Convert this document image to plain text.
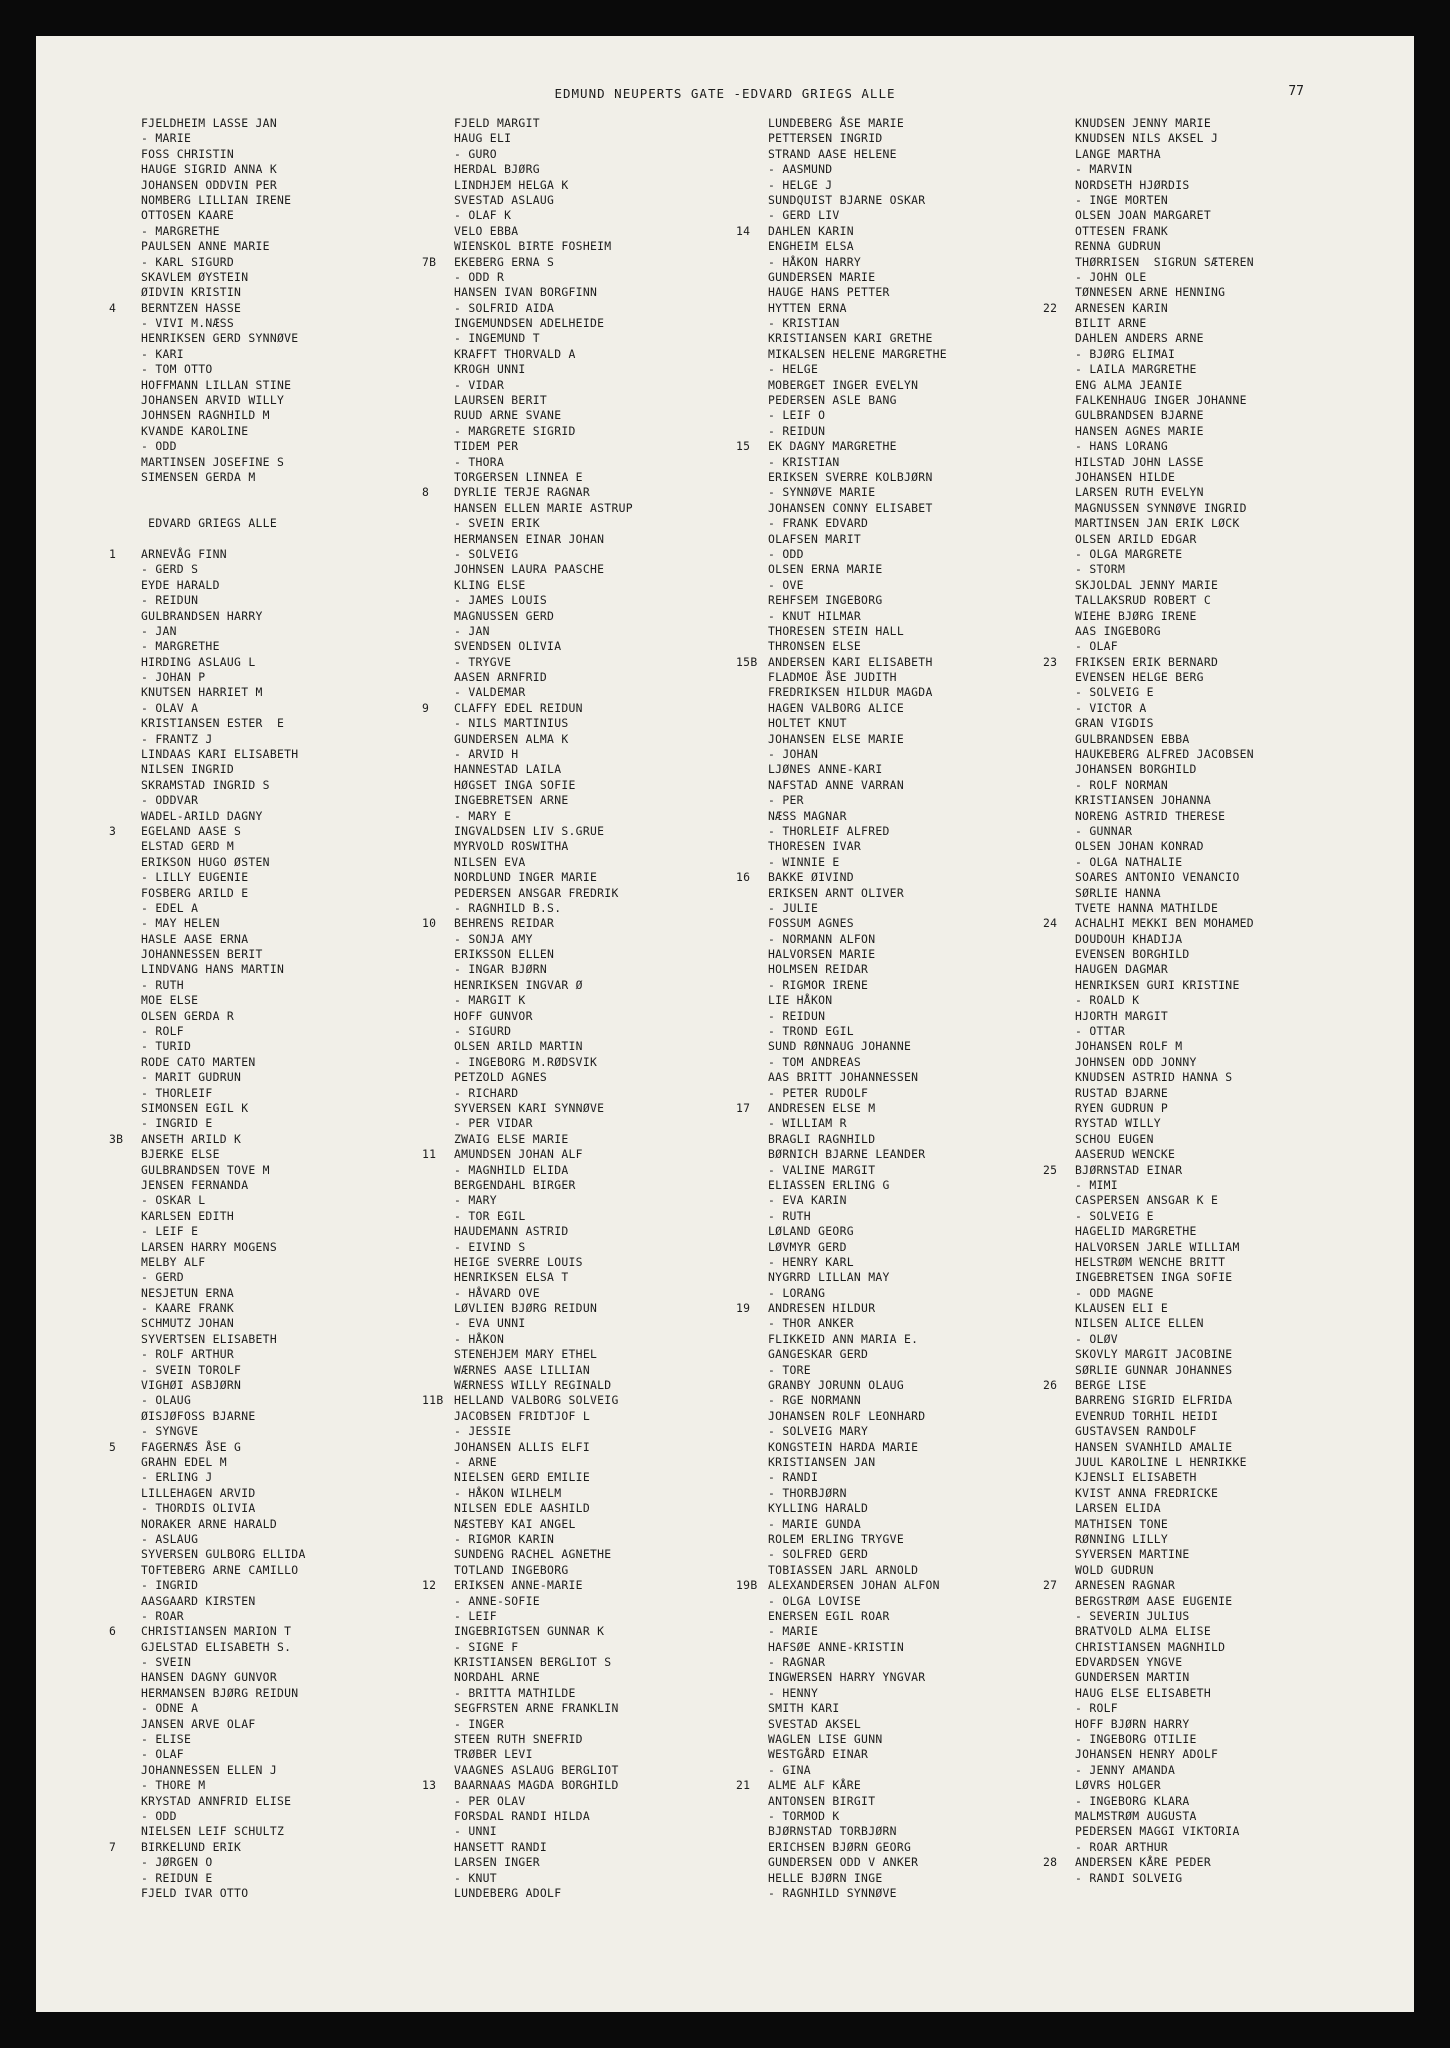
EDMUND NEUPERTS GATE -EDVARD GRIEGS ALLE	77
FJELDHEIM LASSE JAN
- MARIE
FOSS CHRISTIN
HAUGE SIGRID ANNA K
JOHANSEN ODDVIN PER
NOMBERG LILLIAN IRENE
OTTOSEN KAARE
- MARGRETHE
PAULSEN ANNE MARIE
- KARL SIGURD
SKAVLEM ØYSTEIN
ØIDVIN KRISTIN
4	BERNTZEN HASSE
- VIVI M.NÆSS
HENRIKSEN GERD SYNNØVE
- KARI
- TOM OTTO
HOFFMANN LILLAN STINE
JOHANSEN ARVID WILLY
JOHNSEN RAGNHILD M
KVANDE KAROLINE
- ODD
MARTINSEN JOSEFINE S
SIMENSEN GERDA M
EDVARD GRIEGS ALLE
1	ARNEVÅG FINN
- GERD S
EYDE HARALD
- REIDUN
GULBRANDSEN HARRY
- JAN
- MARGRETHE
HIRDING ASLAUG L
- JOHAN P
KNUTSEN HARRIET M
- OLAV A
KRISTIANSEN ESTER  E
- FRANTZ J
LINDAAS KARI ELISABETH
NILSEN INGRID
SKRAMSTAD INGRID S
- ODDVAR
WADEL-ARILD DAGNY
3	EGELAND AASE S
ELSTAD GERD M
ERIKSON HUGO ØSTEN
- LILLY EUGENIE
FOSBERG ARILD E
- EDEL A
- MAY HELEN
HASLE AASE ERNA
JOHANNESSEN BERIT
LINDVANG HANS MARTIN
- RUTH
MOE ELSE
OLSEN GERDA R
- ROLF
- TURID
RODE CATO MARTEN
- MARIT GUDRUN
- THORLEIF
SIMONSEN EGIL K
- INGRID E
3B	ANSETH ARILD K
BJERKE ELSE
GULBRANDSEN TOVE M
JENSEN FERNANDA
- OSKAR L
KARLSEN EDITH
- LEIF E
LARSEN HARRY MOGENS
MELBY ALF
- GERD
NESJETUN ERNA
- KAARE FRANK
SCHMUTZ JOHAN
SYVERTSEN ELISABETH
- ROLF ARTHUR
- SVEIN TOROLF
VIGHØI ASBJØRN
- OLAUG
ØISJØFOSS BJARNE
- SYNGVE
5	FAGERNÆS ÅSE G
GRAHN EDEL M
- ERLING J
LILLEHAGEN ARVID
- THORDIS OLIVIA
NORAKER ARNE HARALD
- ASLAUG
SYVERSEN GULBORG ELLIDA
TOFTEBERG ARNE CAMILLO
- INGRID
AASGAARD KIRSTEN
- ROAR
6	CHRISTIANSEN MARION T
GJELSTAD ELISABETH S.
- SVEIN
HANSEN DAGNY GUNVOR
HERMANSEN BJØRG REIDUN
- ODNE A
JANSEN ARVE OLAF
- ELISE
- OLAF
JOHANNESSEN ELLEN J
- THORE M
KRYSTAD ANNFRID ELISE
- ODD
NIELSEN LEIF SCHULTZ
7	BIRKELUND ERIK
- JØRGEN O
- REIDUN E
FJELD IVAR OTTO
FJELD MARGIT
HAUG ELI
- GURO
HERDAL BJØRG
LINDHJEM HELGA K
SVESTAD ASLAUG
- OLAF K
VELO EBBA
WIENSKOL BIRTE FOSHEIM
7B	EKEBERG ERNA S
- ODD R
HANSEN IVAN BORGFINN
- SOLFRID AIDA
INGEMUNDSEN ADELHEIDE
- INGEMUND T
KRAFFT THORVALD A
KROGH UNNI
- VIDAR
LAURSEN BERIT
RUUD ARNE SVANE
- MARGRETE SIGRID
TIDEM PER
- THORA
TORGERSEN LINNEA E
8	DYRLIE TERJE RAGNAR
HANSEN ELLEN MARIE ASTRUP
- SVEIN ERIK
HERMANSEN EINAR JOHAN
- SOLVEIG
JOHNSEN LAURA PAASCHE
KLING ELSE
- JAMES LOUIS
MAGNUSSEN GERD
- JAN
SVENDSEN OLIVIA
- TRYGVE
AASEN ARNFRID
- VALDEMAR
9	CLAFFY EDEL REIDUN
- NILS MARTINIUS
GUNDERSEN ALMA K
- ARVID H
HANNESTAD LAILA
HØGSET INGA SOFIE
INGEBRETSEN ARNE
- MARY E
INGVALDSEN LIV S.GRUE
MYRVOLD ROSWITHA
NILSEN EVA
NORDLUND INGER MARIE
PEDERSEN ANSGAR FREDRIK
- RAGNHILD B.S.
10	BEHRENS REIDAR
- SONJA AMY
ERIKSSON ELLEN
- INGAR BJØRN
HENRIKSEN INGVAR Ø
- MARGIT K
HOFF GUNVOR
- SIGURD
OLSEN ARILD MARTIN
- INGEBORG M.RØDSVIK
PETZOLD AGNES
- RICHARD
SYVERSEN KARI SYNNØVE
- PER VIDAR
ZWAIG ELSE MARIE
11	AMUNDSEN JOHAN ALF
- MAGNHILD ELIDA
BERGENDAHL BIRGER
- MARY
- TOR EGIL
HAUDEMANN ASTRID
- EIVIND S
HEIGE SVERRE LOUIS
HENRIKSEN ELSA T
- HÅVARD OVE
LØVLIEN BJØRG REIDUN
- EVA UNNI
- HÅKON
STENEHJEM MARY ETHEL
WÆRNES AASE LILLIAN
WÆRNESS WILLY REGINALD
11B HELLAND VALBORG SOLVEIG
JACOBSEN FRIDTJOF L
- JESSIE
JOHANSEN ALLIS ELFI
- ARNE
NIELSEN GERD EMILIE
- HÅKON WILHELM
NILSEN EDLE AASHILD
NÆSTEBY KAI ANGEL
- RIGMOR KARIN
SUNDENG RACHEL AGNETHE
TOTLAND INGEBORG
12	ERIKSEN ANNE-MARIE
- ANNE-SOFIE
- LEIF
INGEBRIGTSEN GUNNAR K
- SIGNE F
KRISTIANSEN BERGLIOT S
NORDAHL ARNE
- BRITTA MATHILDE
SEGFRSTEN ARNE FRANKLIN
- INGER
STEEN RUTH SNEFRID
TRØBER LEVI
VAAGNES ASLAUG BERGLIOT
13	BAARNAAS MAGDA BORGHILD
- PER OLAV
FORSDAL RANDI HILDA
- UNNI
HANSETT RANDI
LARSEN INGER
- KNUT
LUNDEBERG ADOLF
LUNDEBERG ÅSE MARIE
PETTERSEN INGRID
STRAND AASE HELENE
- AASMUND
- HELGE J
SUNDQUIST BJARNE OSKAR
- GERD LIV
14	DAHLEN KARIN
ENGHEIM ELSA
- HÅKON HARRY
GUNDERSEN MARIE
HAUGE HANS PETTER
HYTTEN ERNA
- KRISTIAN
KRISTIANSEN KARI GRETHE
MIKALSEN HELENE MARGRETHE
- HELGE
MOBERGET INGER EVELYN
PEDERSEN ASLE BANG
- LEIF O
- REIDUN
15	EK DAGNY MARGRETHE
- KRISTIAN
ERIKSEN SVERRE KOLBJØRN
- SYNNØVE MARIE
JOHANSEN CONNY ELISABET
- FRANK EDVARD
OLAFSEN MARIT
- ODD
OLSEN ERNA MARIE
- OVE
REHFSEM INGEBORG
- KNUT HILMAR
THORESEN STEIN HALL
THRONSEN ELSE
15B ANDERSEN KARI ELISABETH
FLADMOE ÅSE JUDITH
FREDRIKSEN HILDUR MAGDA
HAGEN VALBORG ALICE
HOLTET KNUT
JOHANSEN ELSE MARIE
- JOHAN
LJØNES ANNE-KARI
NAFSTAD ANNE VARRAN
- PER
NÆSS MAGNAR
- THORLEIF ALFRED
THORESEN IVAR
- WINNIE E
16	BAKKE ØIVIND
ERIKSEN ARNT OLIVER
- JULIE
FOSSUM AGNES
- NORMANN ALFON
HALVORSEN MARIE
HOLMSEN REIDAR
- RIGMOR IRENE
LIE HÅKON
- REIDUN
- TROND EGIL
SUND RØNNAUG JOHANNE
- TOM ANDREAS
AAS BRITT JOHANNESSEN
- PETER RUDOLF
17	ANDRESEN ELSE M
- WILLIAM R
BRAGLI RAGNHILD
BØRNICH BJARNE LEANDER
- VALINE MARGIT
ELIASSEN ERLING G
- EVA KARIN
- RUTH
LØLAND GEORG
LØVMYR GERD
- HENRY KARL
NYGRRD LILLAN MAY
- LORANG
19	ANDRESEN HILDUR
- THOR ANKER
FLIKKEID ANN MARIA E.
GANGESKAR GERD
- TORE
GRANBY JORUNN OLAUG
- RGE NORMANN
JOHANSEN ROLF LEONHARD
- SOLVEIG MARY
KONGSTEIN HARDA MARIE
KRISTIANSEN JAN
- RANDI
- THORBJØRN
KYLLING HARALD
- MARIE GUNDA
ROLEM ERLING TRYGVE
- SOLFRED GERD
TOBIASSEN JARL ARNOLD
19B ALEXANDERSEN JOHAN ALFON
- OLGA LOVISE
ENERSEN EGIL ROAR
- MARIE
HAFSØE ANNE-KRISTIN
- RAGNAR
INGWERSEN HARRY YNGVAR
- HENNY
SMITH KARI
SVESTAD AKSEL
WAGLEN LISE GUNN
WESTGÅRD EINAR
- GINA
21	ALME ALF KÅRE
ANTONSEN BIRGIT
- TORMOD K
BJØRNSTAD TORBJØRN
ERICHSEN BJØRN GEORG
GUNDERSEN ODD V ANKER
HELLE BJØRN INGE
- RAGNHILD SYNNØVE
KNUDSEN JENNY MARIE
KNUDSEN NILS AKSEL J
LANGE MARTHA
- MARVIN
NORDSETH HJØRDIS
- INGE MORTEN
OLSEN JOAN MARGARET
OTTESEN FRANK
RENNA GUDRUN
THØRRISEN  SIGRUN SÆTEREN
- JOHN OLE
TØNNESEN ARNE HENNING
22	ARNESEN KARIN
BILIT ARNE
DAHLEN ANDERS ARNE
- BJØRG ELIMAI
- LAILA MARGRETHE
ENG ALMA JEANIE
FALKENHAUG INGER JOHANNE
GULBRANDSEN BJARNE
HANSEN AGNES MARIE
- HANS LORANG
HILSTAD JOHN LASSE
JOHANSEN HILDE
LARSEN RUTH EVELYN
MAGNUSSEN SYNNØVE INGRID
MARTINSEN JAN ERIK LØCK
OLSEN ARILD EDGAR
- OLGA MARGRETE
- STORM
SKJOLDAL JENNY MARIE
TALLAKSRUD ROBERT C
WIEHE BJØRG IRENE
AAS INGEBORG
- OLAF
23	FRIKSEN ERIK BERNARD
EVENSEN HELGE BERG
- SOLVEIG E
- VICTOR A
GRAN VIGDIS
GULBRANDSEN EBBA
HAUKEBERG ALFRED JACOBSEN
JOHANSEN BORGHILD
- ROLF NORMAN
KRISTIANSEN JOHANNA
NORENG ASTRID THERESE
- GUNNAR
OLSEN JOHAN KONRAD
- OLGA NATHALIE
SOARES ANTONIO VENANCIO
SØRLIE HANNA
TVETE HANNA MATHILDE
24	ACHALHI MEKKI BEN MOHAMED
DOUDOUH KHADIJA
EVENSEN BORGHILD
HAUGEN DAGMAR
HENRIKSEN GURI KRISTINE
- ROALD K
HJORTH MARGIT
- OTTAR
JOHANSEN ROLF M
JOHNSEN ODD JONNY
KNUDSEN ASTRID HANNA S
RUSTAD BJARNE
RYEN GUDRUN P
RYSTAD WILLY
SCHOU EUGEN
AASERUD WENCKE
25	BJØRNSTAD EINAR
- MIMI
CASPERSEN ANSGAR K E
- SOLVEIG E
HAGELID MARGRETHE
HALVORSEN JARLE WILLIAM
HELSTRØM WENCHE BRITT
INGEBRETSEN INGA SOFIE
- ODD MAGNE
KLAUSEN ELI E
NILSEN ALICE ELLEN
- OLØV
SKOVLY MARGIT JACOBINE
SØRLIE GUNNAR JOHANNES
26	BERGE LISE
BARRENG SIGRID ELFRIDA
EVENRUD TORHIL HEIDI
GUSTAVSEN RANDOLF
HANSEN SVANHILD AMALIE
JUUL KAROLINE L HENRIKKE
KJENSLI ELISABETH
KVIST ANNA FREDRICKE
LARSEN ELIDA
MATHISEN TONE
RØNNING LILLY
SYVERSEN MARTINE
WOLD GUDRUN
27	ARNESEN RAGNAR
BERGSTRØM AASE EUGENIE
- SEVERIN JULIUS
BRATVOLD ALMA ELISE
CHRISTIANSEN MAGNHILD
EDVARDSEN YNGVE
GUNDERSEN MARTIN
HAUG ELSE ELISABETH
- ROLF
HOFF BJØRN HARRY
- INGEBORG OTILIE
JOHANSEN HENRY ADOLF
- JENNY AMANDA
LØVRS HOLGER
- INGEBORG KLARA
MALMSTRØM AUGUSTA
PEDERSEN MAGGI VIKTORIA
- ROAR ARTHUR
28	ANDERSEN KÅRE PEDER
- RANDI SOLVEIG
